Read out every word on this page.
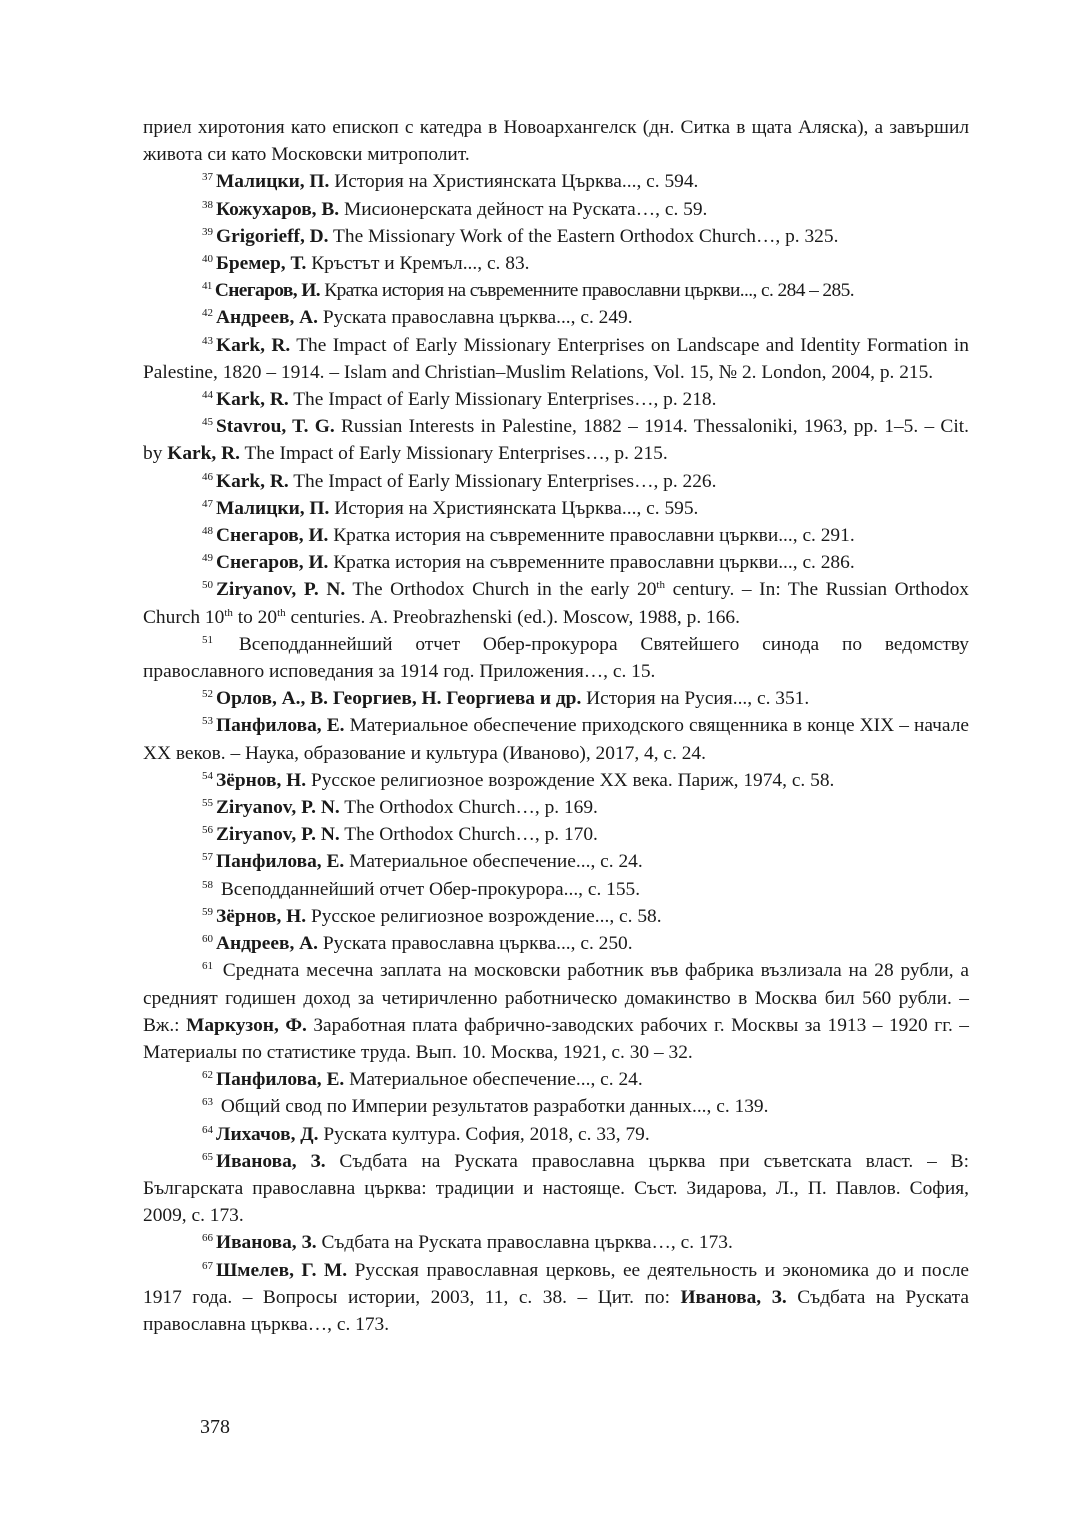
приел хиротония като епископ с катедра в Новоархангелск (дн. Ситка в щата Аляска), а завършил живота си като Московски митрополит.

$^{37}$ Малицки, П. История на Християнската Църква..., с. 594.

$^{38}$ Кожухаров, В. Мисионерската дейност на Руската…, с. 59.

$^{39}$ Grigorieff, D. The Missionary Work of the Eastern Orthodox Church…, p. 325.

$^{40}$ Бремер, Т. Кръстът и Кремъл..., с. 83.

$^{41}$ Снегаров, И. Кратка история на съвременните православни църкви..., с. 284 – 285.

$^{42}$ Андреев, А. Руската православна църква..., с. 249.

$^{43}$ Kark, R. The Impact of Early Missionary Enterprises on Landscape and Identity Formation in Palestine, 1820 – 1914. – Islam and Christian–Muslim Relations, Vol. 15, № 2. London, 2004, p. 215.

$^{44}$ Kark, R. The Impact of Early Missionary Enterprises…, p. 218.

$^{45}$ Stavrou, T. G. Russian Interests in Palestine, 1882 – 1914. Thessaloniki, 1963, pp. 1–5. – Cit. by Kark, R. The Impact of Early Missionary Enterprises…, p. 215.

$^{46}$ Kark, R. The Impact of Early Missionary Enterprises…, p. 226.

$^{47}$ Малицки, П. История на Християнската Църква..., с. 595.

$^{48}$ Снегаров, И. Кратка история на съвременните православни църкви..., с. 291.

$^{49}$ Снегаров, И. Кратка история на съвременните православни църкви..., с. 286.

$^{50}$ Ziryanov, P. N. The Orthodox Church in the early 20th century. – In: The Russian Orthodox Church 10th to 20th centuries. A. Preobrazhenski (ed.). Moscow, 1988, p. 166.

$^{51}$ Всеподданнейший отчет Обер-прокурора Святейшего синода по ведомству православного исповедания за 1914 год. Приложения…, с. 15.

$^{52}$ Орлов, А., В. Георгиев, Н. Георгиева и др. История на Русия..., с. 351.

$^{53}$ Панфилова, Е. Материальное обеспечение приходского священника в конце XIX – начале XX веков. – Наука, образование и культура (Иваново), 2017, 4, с. 24.

$^{54}$ Зёрнов, Н. Русское религиозное возрождение XX века. Париж, 1974, с. 58.

$^{55}$ Ziryanov, P. N. The Orthodox Church…, p. 169.

$^{56}$ Ziryanov, P. N. The Orthodox Church…, p. 170.

$^{57}$ Панфилова, Е. Материальное обеспечение..., с. 24.

$^{58}$ Всеподданнейший отчет Обер-прокурора..., с. 155.

$^{59}$ Зёрнов, Н. Русское религиозное возрождение..., с. 58.

$^{60}$ Андреев, А. Руската православна църква..., с. 250.

$^{61}$ Средната месечна заплата на московски работник във фабрика възлизала на 28 рубли, а средният годишен доход за четиричленно работническо домакинство в Москва бил 560 рубли. – Вж.: Маркузон, Ф. Заработная плата фабрично-заводских рабочих г. Москвы за 1913 – 1920 гг. – Материалы по статистике труда. Вып. 10. Москва, 1921, с. 30 – 32.

$^{62}$ Панфилова, Е. Материальное обеспечение..., с. 24.

$^{63}$ Общий свод по Империи результатов разработки данных..., с. 139.

$^{64}$ Лихачов, Д. Руската култура. София, 2018, с. 33, 79.

$^{65}$ Иванова, З. Съдбата на Руската православна църква при съветската власт. – В: Българската православна църква: традиции и настояще. Съст. Зидарова, Л., П. Павлов. София, 2009, с. 173.

$^{66}$ Иванова, З. Съдбата на Руската православна църква…, с. 173.

$^{67}$ Шмелев, Г. М. Русская православная церковь, ее деятельность и экономика до и после 1917 года. – Вопросы истории, 2003, 11, с. 38. – Цит. по: Иванова, З. Съдбата на Руската православна църква…, с. 173.

378
